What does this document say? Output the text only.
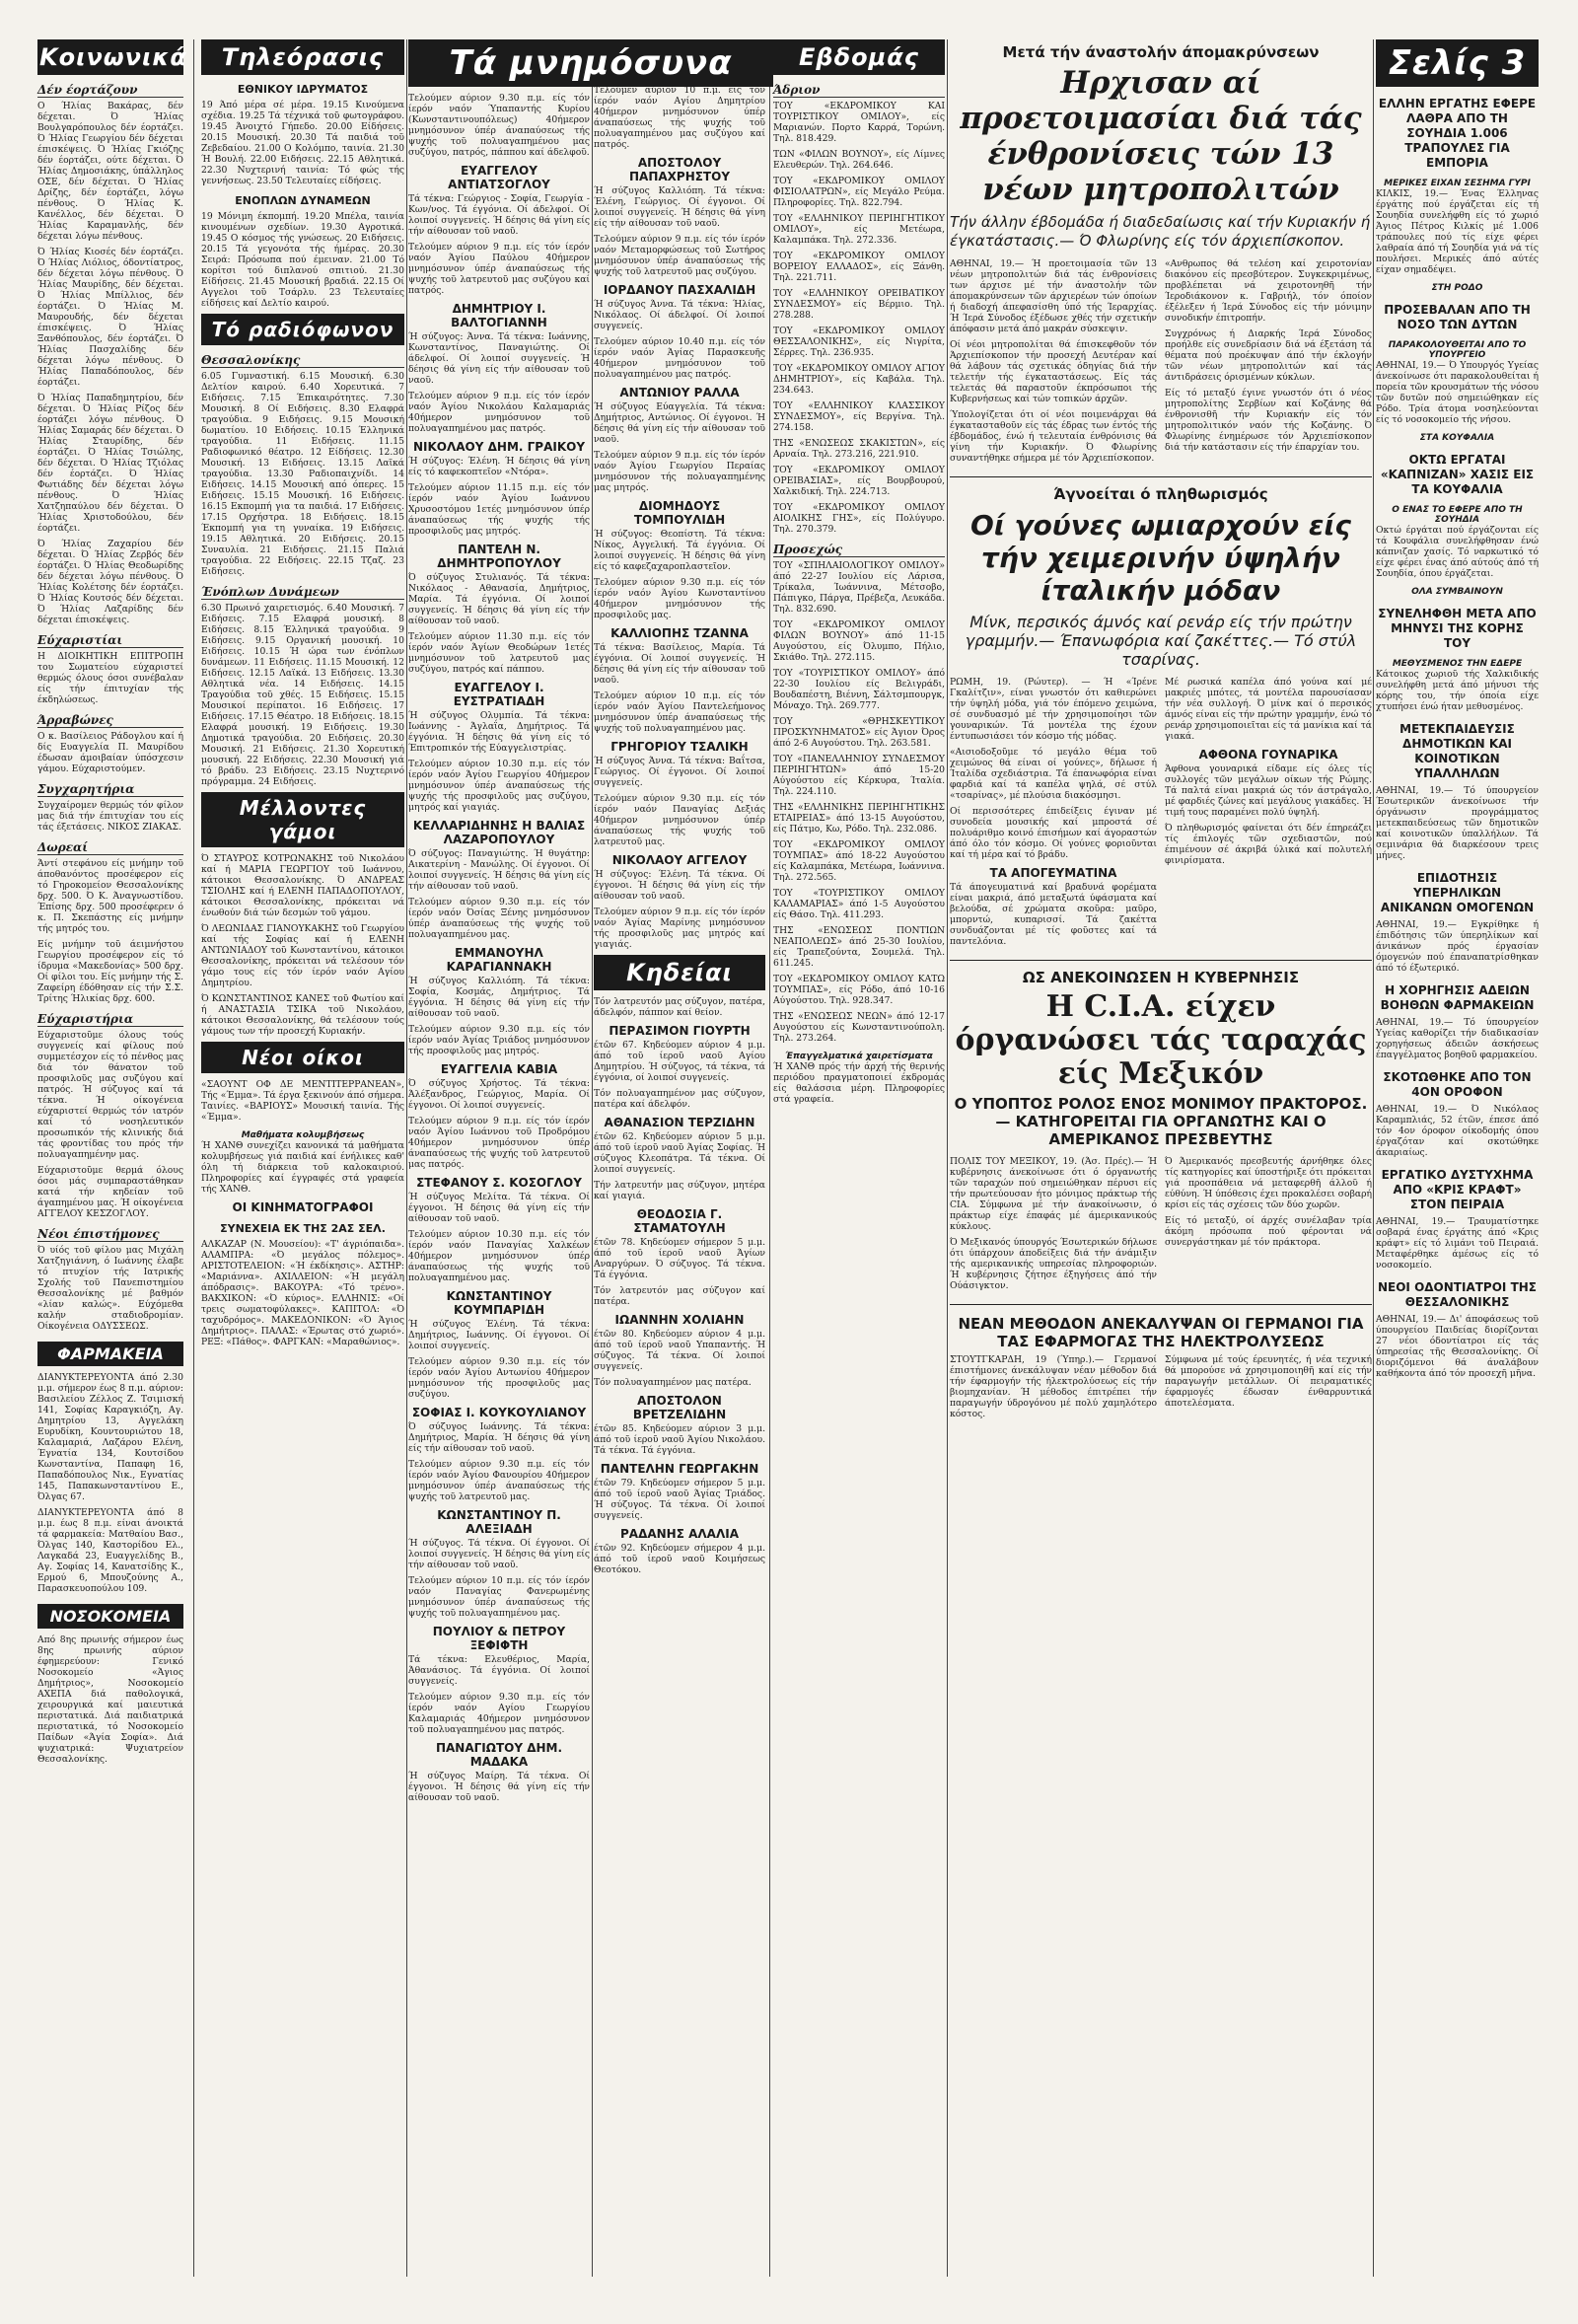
Κοινωνικά
Δέν έορτάζουν

Ο Ήλίας Βακάρας, δέν δέχεται. Ό Ήλίας Βουλγαρόπουλος δέν έορτάζει. Ό Ήλίας Γεωργίου δέν δέχεται έπισκέψεις. Ό Ήλίας Γκιόζης δέν έορτάζει, ούτε δέχεται. Ό Ήλίας Δημοσιάκης, ύπάλληλος ΟΣΕ, δέν δέχεται. Ό Ήλίας Δρίζης, δέν έορτάζει, λόγω πένθους. Ό Ήλίας Κ. Κανέλλος, δέν δέχεται. Ό Ήλίας Καραμανλής, δέν δέχεται λόγω πένθους.

Ό Ήλίας Κιοσές δέν έορτάζει. Ό Ήλίας Λιόλιος, όδοντίατρος, δέν δέχεται λόγω πένθους. Ό Ήλίας Μαυρίδης, δέν δέχεται. Ό Ήλίας Μπίλλιος, δέν έορτάζει. Ό Ήλίας Μ. Μαυρουδής, δέν δέχεται έπισκέψεις. Ό Ήλίας Ξανθόπουλος, δέν έορτάζει. Ό Ήλίας Πασχαλίδης δέν δέχεται λόγω πένθους. Ό Ήλίας Παπαδόπουλος, δέν έορτάζει.

Ό Ήλίας Παπαδημητρίου, δέν δέχεται. Ό Ήλίας Ρίζος δέν έορτάζει λόγω πένθους. Ό Ήλίας Σαμαράς δέν δέχεται. Ό Ήλίας Σταυρίδης, δέν έορτάζει. Ό Ήλίας Τσιώλης, δέν δέχεται. Ό Ήλίας Τζιόλας δέν έορτάζει. Ό Ήλίας Φωτιάδης δέν δέχεται λόγω πένθους. Ό Ήλίας Χατζηπαύλου δέν δέχεται. Ό Ήλίας Χριστοδούλου, δέν έορτάζει.

Ό Ήλίας Ζαχαρίου δέν δέχεται. Ό Ήλίας Ζερβός δέν έορτάζει. Ό Ήλίας Θεοδωρίδης δέν δέχεται λόγω πένθους. Ό Ήλίας Κολέτσης δέν έορτάζει. Ό Ήλίας Κουτσός δέν δέχεται. Ό Ήλίας Λαζαρίδης δέν δέχεται έπισκέψεις.

Εύχαριστίαι

Η ΔΙΟΙΚΗΤΙΚΗ ΕΠΙΤΡΟΠΗ του Σωματείου εύχαριστεί θερμώς όλους όσοι συνέβαλαν είς τήν έπιτυχίαν τής έκδηλώσεως.

Άρραβώνες

Ο κ. Βασίλειος Ράδογλου καί ή δίς Ευαγγελία Π. Μαυρίδου έδωσαν άμοιβαίαν ύπόσχεσιν γάμου. Εύχαριστούμεν.

Συγχαρητήρια

Συγχαίρομεν θερμώς τόν φίλον μας διά τήν έπιτυχίαν του είς τάς έξετάσεις. ΝΙΚΟΣ ΖΙΑΚΑΣ.

Δωρεαί

Άντί στεφάνου είς μνήμην τοῦ άποθανόντος προσέφερον είς τό Γηροκομείον Θεσσαλονίκης δρχ. 500. Ό Κ. Άναγνωστίδου. Έπίσης δρχ. 500 προσέφερεν ό κ. Π. Σκεπάστης είς μνήμην τής μητρός του.

Είς μνήμην τοῦ άειμνήστου Γεωργίου προσέφερον είς τό ίδρυμα «Μακεδονίας» 500 δρχ. Οί φίλοι του. Είς μνήμην τής Σ. Ζαφείρη έδόθησαν είς τήν Σ.Σ. Τρίτης Ήλικίας δρχ. 600.

Εύχαριστήρια

Εύχαριστοῦμε όλους τούς συγγενείς καί φίλους πού συμμετέσχον είς τό πένθος μας διά τόν θάνατον τοῦ προσφιλοῦς μας συζύγου καί πατρός. Ή σύζυγος καί τά τέκνα. Ή οίκογένεια εύχαριστεί θερμώς τόν ιατρόν καί τό νοσηλευτικόν προσωπικόν τής κλινικής διά τάς φροντίδας του πρός τήν πολυαγαπημένην μας.

Εύχαριστοῦμε θερμά όλους όσοι μάς συμπαραστάθηκαν κατά τήν κηδείαν τοῦ άγαπημένου μας. Ή οίκογένεια ΑΓΓΕΛΟΥ ΚΕΣΖΟΓΛΟΥ.

Νέοι έπιστήμονες

Ό υίός τοῦ φίλου μας Μιχάλη Χατζηγιάννη, ό Ιωάννης έλαβε τό πτυχίον τής Ιατρικής Σχολής τοῦ Πανεπιστημίου Θεσσαλονίκης μέ βαθμόν «λίαν καλώς». Εύχόμεθα καλήν σταδιοδρομίαν. Οίκογένεια ΟΔΥΣΣΕΩΣ.

ΦΑΡΜΑΚΕΙΑ

ΔΙΑΝΥΚΤΕΡΕΥΟΝΤΑ άπό 2.30 μ.μ. σήμερον έως 8 π.μ. αύριον: Βασιλείου Ζέλλος Ζ. Τσιμισκή 141, Σοφίας Καραγκιόζη, Αγ. Δημητρίου 13, Αγγελάκη Ευρυδίκη, Κουντουριώτου 18, Καλαμαριά, Λαζάρου Ελένη, Έγνατία 134, Κουτσίδου Κωνσταντίνα, Παπαφη 16, Παπαδόπουλος Νικ., Εγνατίας 145, Παπακωνσταντίνου Ε., Όλγας 67.

ΔΙΑΝΥΚΤΕΡΕΥΟΝΤΑ άπό 8 μ.μ. έως 8 π.μ. είναι άνοικτά τά φαρμακεία: Ματθαίου Βασ., Όλγας 140, Καστορίδου Ελ., Λαγκαδά 23, Ευαγγελίδης Β., Αγ. Σοφίας 14, Κανατσίδης Κ., Ερμού 6, Μπουζούνης Α., Παρασκευοπούλου 109.

ΝΟΣΟΚΟΜΕΙΑ

Από 8ης πρωινής σήμερον έως 8ης πρωινής αύριον έφημερεύουν: Γενικό Νοσοκομείο «Άγιος Δημήτριος», Νοσοκομείο ΑΧΕΠΑ διά παθολογικά, χειρουργικά καί μαιευτικά περιστατικά. Διά παιδιατρικά περιστατικά, τό Νοσοκομείο Παίδων «Άγία Σοφία». Διά ψυχιατρικά: Ψυχιατρείον Θεσσαλονίκης.

Τηλεόρασις
ΕΘΝΙΚΟΥ ΙΔΡΥΜΑΤΟΣ

19 Άπό μέρα σέ μέρα. 19.15 Κινούμενα σχέδια. 19.25 Τά τέχνικά τοῦ φωτογράφου. 19.45 Άνοιχτό Γήπεδο. 20.00 Είδήσεις. 20.15 Μουσική. 20.30 Τά παιδιά τοῦ Ζεβεδαίου. 21.00 Ο Κολόμπο, ταινία. 21.30 Ή Βουλή. 22.00 Ειδήσεις. 22.15 Αθλητικά. 22.30 Νυχτερινή ταινία: Τό φώς τής γεννήσεως. 23.50 Τελευταίες είδήσεις.

ΕΝΟΠΛΩΝ ΔΥΝΑΜΕΩΝ

19 Μόνιμη έκπομπή. 19.20 Μπέλα, ταινία κινουμένων σχεδίων. 19.30 Αγροτικά. 19.45 Ο κόσμος τής γνώσεως. 20 Ειδήσεις. 20.15 Τά γεγονότα τής ήμέρας. 20.30 Σειρά: Πρόσωπα πού έμειναν. 21.00 Τό κορίτσι τού διπλανού σπιτιού. 21.30 Είδήσεις. 21.45 Μουσική βραδιά. 22.15 Οί Αγγελοι τοῦ Τσάρλυ. 23 Τελευταίες είδήσεις καί Δελτίο καιρού.

Τό ραδιόφωνον
Θεσσαλονίκης

6.05 Γυμναστική. 6.15 Μουσική. 6.30 Δελτίον καιρού. 6.40 Χορευτικά. 7 Ειδήσεις. 7.15 Έπικαιρότητες. 7.30 Μουσική. 8 Οί Ειδήσεις. 8.30 Ελαφρά τραγούδια. 9 Ειδήσεις. 9.15 Μουσική δωματίου. 10 Ειδήσεις. 10.15 Έλληνικά τραγούδια. 11 Ειδήσεις. 11.15 Ραδιοφωνικό θέατρο. 12 Είδήσεις. 12.30 Μουσική. 13 Ειδήσεις. 13.15 Λαϊκά τραγούδια. 13.30 Ραδιοπαιχνίδι. 14 Ειδήσεις. 14.15 Μουσική από όπερες. 15 Ειδήσεις. 15.15 Μουσική. 16 Ειδήσεις. 16.15 Εκπομπή για τα παιδιά. 17 Ειδήσεις. 17.15 Ορχήστρα. 18 Ειδήσεις. 18.15 Έκπομπή για τη γυναίκα. 19 Ειδήσεις. 19.15 Αθλητικά. 20 Ειδήσεις. 20.15 Συναυλία. 21 Ειδήσεις. 21.15 Παλιά τραγούδια. 22 Ειδήσεις. 22.15 Τζαζ. 23 Ειδήσεις.

Ένόπλων Δυνάμεων

6.30 Πρωινό χαιρετισμός. 6.40 Μουσική. 7 Ειδήσεις. 7.15 Ελαφρά μουσική. 8 Ειδήσεις. 8.15 Έλληνικά τραγούδια. 9 Ειδήσεις. 9.15 Οργανική μουσική. 10 Ειδήσεις. 10.15 Ή ώρα των ένόπλων δυνάμεων. 11 Ειδήσεις. 11.15 Μουσική. 12 Ειδήσεις. 12.15 Λαϊκά. 13 Ειδήσεις. 13.30 Αθλητικά νέα. 14 Ειδήσεις. 14.15 Τραγούδια τοῦ χθές. 15 Ειδήσεις. 15.15 Μουσικοί περίπατοι. 16 Ειδήσεις. 17 Ειδήσεις. 17.15 Θέατρο. 18 Ειδήσεις. 18.15 Ελαφρά μουσική. 19 Ειδήσεις. 19.30 Δημοτικά τραγούδια. 20 Ειδήσεις. 20.30 Μουσική. 21 Ειδήσεις. 21.30 Χορευτική μουσική. 22 Ειδήσεις. 22.30 Μουσική γιά τό βράδυ. 23 Ειδήσεις. 23.15 Νυχτερινό πρόγραμμα. 24 Ειδήσεις.

Μέλλοντες γάμοι

Ό ΣΤΑΥΡΟΣ ΚΟΤΡΩΝΑΚΗΣ τοῦ Νικολάου καί ή ΜΑΡΙΑ ΓΕΩΡΓΙΟΥ τοῦ Ιωάννου, κάτοικοι Θεσσαλονίκης. Ό ΑΝΔΡΕΑΣ ΤΣΙΟΛΗΣ καί ή ΕΛΕΝΗ ΠΑΠΑΔΟΠΟΥΛΟΥ, κάτοικοι Θεσσαλονίκης, πρόκειται νά ένωθούν διά τών δεσμών τοῦ γάμου.

Ό ΛΕΩΝΙΔΑΣ ΓΙΑΝΟΥΚΑΚΗΣ τοῦ Γεωργίου καί τής Σοφίας καί ή ΕΛΕΝΗ ΑΝΤΩΝΙΑΔΟΥ τοῦ Κωνσταντίνου, κάτοικοι Θεσσαλονίκης, πρόκειται νά τελέσουν τόν γάμο τους είς τόν ίερόν ναόν Αγίου Δημητρίου.

Ό ΚΩΝΣΤΑΝΤΙΝΟΣ ΚΑΝΕΣ τοῦ Φωτίου καί ή ΑΝΑΣΤΑΣΙΑ ΤΣΙΚΑ τοῦ Νικολάου, κάτοικοι Θεσσαλονίκης, θά τελέσουν τούς γάμους των τήν προσεχή Κυριακήν.

Νέοι οίκοι

«ΣΑΟΥΝΤ ΟΦ ΔΕ ΜΕΝΤΙΤΕΡΡΑΝΕΑΝ», Τής «Έμμα». Τά έργα ξεκινούν άπό σήμερα. Ταινίες. «ΒΑΡΙΟΥΣ» Μουσική ταινία. Τής «Έμμα».

Μαθήματα κολυμβήσεως

Ή ΧΑΝΘ συνεχίζει κανονικά τά μαθήματα κολυμβήσεως γιά παιδιά καί ένήλικες καθ' όλη τή διάρκεια τοῦ καλοκαιριού. Πληροφορίες καί έγγραφές στά γραφεία τής ΧΑΝΘ.

ΟΙ ΚΙΝΗΜΑΤΟΓΡΑΦΟΙ
ΣΥΝΕΧΕΙΑ ΕΚ ΤΗΣ 2ΑΣ ΣΕΛ.

ΑΛΚΑΖΑΡ (Ν. Μουσείου): «Τ' άγριόπαιδα». ΑΛΑΜΠΡΑ: «Ό μεγάλος πόλεμος». ΑΡΙΣΤΟΤΕΛΕΙΟΝ: «Ή έκδίκησις». ΑΣΤΗΡ: «Μαριάννα». ΑΧΙΛΛΕΙΟΝ: «Ή μεγάλη άπόδρασις». ΒΑΚΟΥΡΑ: «Τό τρένο». ΒΑΚΧΙΚΟΝ: «Ό κύριος». ΕΛΛΗΝΙΣ: «Οί τρεις σωματοφύλακες». ΚΑΠΙΤΟΛ: «Ό ταχυδρόμος». ΜΑΚΕΔΟΝΙΚΟΝ: «Ό Άγιος Δημήτριος». ΠΑΛΑΣ: «Έρωτας στό χωριό». ΡΕΞ: «Πάθος». ΦΑΡΓΚΑΝ: «Μαραθώνιος».

Τά μνημόσυνα

Τελούμεν αύριον 9.30 π.μ. είς τόν ίερόν ναόν Ύπαπαντής Κυρίου (Κωνσταντινουπόλεως) 40ήμερον μνημόσυνον ύπέρ άναπαύσεως τής ψυχής τοῦ πολυαγαπημένου μας συζύγου, πατρός, πάππου καί άδελφοῦ.

ΕΥΑΓΓΕΛΟΥ ΑΝΤΙΑΤΣΟΓΛΟΥ

Τά τέκνα: Γεώργιος - Σοφία, Γεωργία - Κων/νος. Τά έγγόνια. Οί άδελφοί. Οί λοιποί συγγενείς. Ή δέησις θά γίνη είς τήν αίθουσαν τοῦ ναοῦ.

Τελούμεν αύριον 9 π.μ. είς τόν ίερόν ναόν Άγίου Παύλου 40ήμερον μνημόσυνον ύπέρ άναπαύσεως τής ψυχής τοῦ λατρευτοῦ μας συζύγου καί πατρός.

ΔΗΜΗΤΡΙΟΥ Ι. ΒΑΛΤΟΓΙΑΝΝΗ

Ή σύζυγος: Άννα. Τά τέκνα: Ιωάννης, Κωνσταντίνος, Παναγιώτης. Οί άδελφοί. Οί λοιποί συγγενείς. Ή δέησις θά γίνη είς τήν αίθουσαν τοῦ ναοῦ.

Τελούμεν αύριον 9 π.μ. είς τόν ίερόν ναόν Άγίου Νικολάου Καλαμαριάς 40ήμερον μνημόσυνον τοῦ πολυαγαπημένου μας πατρός.

ΝΙΚΟΛΑΟΥ ΔΗΜ. ΓΡΑΙΚΟΥ

Ή σύζυγος: Έλένη. Ή δέησις θά γίνη είς τό καφεκοπτεῖον «Ντόρα».

Τελούμεν αύριον 11.15 π.μ. είς τόν ίερόν ναόν Άγίου Ιωάννου Χρυσοστόμου 1ετές μνημόσυνον ύπέρ άναπαύσεως τής ψυχής τής προσφιλοῦς μας μητρός.

ΠΑΝΤΕΛΗ Ν. ΔΗΜΗΤΡΟΠΟΥΛΟΥ

Ό σύζυγος Στυλιανός. Τά τέκνα: Νικόλαος - Αθανασία, Δημήτριος, Μαρία. Τά έγγόνια. Οί λοιποί συγγενείς. Ή δέησις θά γίνη είς τήν αίθουσαν τοῦ ναοῦ.

Τελούμεν αύριον 11.30 π.μ. είς τόν ίερόν ναόν Άγίων Θεοδώρων 1ετές μνημόσυνον τοῦ λατρευτοῦ μας συζύγου, πατρός καί πάππου.

ΕΥΑΓΓΕΛΟΥ Ι. ΕΥΣΤΡΑΤΙΑΔΗ

Ή σύζυγος Ολυμπία. Τά τέκνα: Ιωάννης - Άγλαΐα, Δημήτριος. Τά έγγόνια. Ή δέησις θά γίνη είς τό Έπιτροπικόν τής Εύαγγελιστρίας.

Τελούμεν αύριον 10.30 π.μ. είς τόν ίερόν ναόν Άγίου Γεωργίου 40ήμερον μνημόσυνον ύπέρ άναπαύσεως τής ψυχής τής προσφιλοῦς μας συζύγου, μητρός καί γιαγιάς.

ΚΕΛΛΑΡΙΔΗΝΗΣ Η ΒΑΛΙΑΣ ΛΑΖΑΡΟΠΟΥΛΟΥ

Ό σύζυγος: Παναγιώτης. Ή θυγάτηρ: Αικατερίνη - Μανώλης. Οί έγγονοι. Οί λοιποί συγγενείς. Ή δέησις θά γίνη είς τήν αίθουσαν τοῦ ναοῦ.

Τελούμεν αύριον 9.30 π.μ. είς τόν ίερόν ναόν Όσίας Ξένης μνημόσυνον ύπέρ άναπαύσεως τής ψυχής τοῦ πολυαγαπημένου μας.

ΕΜΜΑΝΟΥΗΛ ΚΑΡΑΓΙΑΝΝΑΚΗ

Ή σύζυγος Καλλιόπη. Τά τέκνα: Σοφία, Κοσμάς, Δημήτριος. Τά έγγόνια. Ή δέησις θά γίνη είς τήν αίθουσαν τοῦ ναοῦ.

Τελούμεν αύριον 9.30 π.μ. είς τόν ίερόν ναόν Άγίας Τριάδος μνημόσυνον τής προσφιλοῦς μας μητρός.

ΕΥΑΓΓΕΛΙΑ ΚΑΒΙΑ

Ό σύζυγος Χρήστος. Τά τέκνα: Άλέξανδρος, Γεώργιος, Μαρία. Οί έγγονοι. Οί λοιποί συγγενείς.

Τελούμεν αύριον 9 π.μ. είς τόν ίερόν ναόν Άγίου Ιωάννου τοῦ Προδρόμου 40ήμερον μνημόσυνον ύπέρ άναπαύσεως τής ψυχής τοῦ λατρευτοῦ μας πατρός.

ΣΤΕΦΑΝΟΥ Σ. ΚΟΣΟΓΛΟΥ

Ή σύζυγος Μελίτα. Τά τέκνα. Οί έγγονοι. Ή δέησις θά γίνη είς τήν αίθουσαν τοῦ ναοῦ.

Τελούμεν αύριον 10.30 π.μ. είς τόν ίερόν ναόν Παναγίας Χαλκέων 40ήμερον μνημόσυνον ύπέρ άναπαύσεως τής ψυχής τοῦ πολυαγαπημένου μας.

ΚΩΝΣΤΑΝΤΙΝΟΥ ΚΟΥΜΠΑΡΙΔΗ

Ή σύζυγος Έλένη. Τά τέκνα: Δημήτριος, Ιωάννης. Οί έγγονοι. Οί λοιποί συγγενείς.

Τελούμεν αύριον 9.30 π.μ. είς τόν ίερόν ναόν Άγίου Αντωνίου 40ήμερον μνημόσυνον τής προσφιλοῦς μας συζύγου.

ΣΟΦΙΑΣ Ι. ΚΟΥΚΟΥΛΙΑΝΟΥ

Ό σύζυγος Ιωάννης. Τά τέκνα: Δημήτριος, Μαρία. Ή δέησις θά γίνη είς τήν αίθουσαν τοῦ ναοῦ.

Τελούμεν αύριον 9.30 π.μ. είς τόν ίερόν ναόν Άγίου Φανουρίου 40ήμερον μνημόσυνον ύπέρ άναπαύσεως τής ψυχής τοῦ λατρευτοῦ μας.

ΚΩΝΣΤΑΝΤΙΝΟΥ Π. ΑΛΕΞΙΑΔΗ

Ή σύζυγος. Τά τέκνα. Οί έγγονοι. Οί λοιποί συγγενείς. Ή δέησις θά γίνη είς τήν αίθουσαν τοῦ ναοῦ.

Τελούμεν αύριον 10 π.μ. είς τόν ίερόν ναόν Παναγίας Φανερωμένης μνημόσυνον ύπέρ άναπαύσεως τής ψυχής τοῦ πολυαγαπημένου μας.

ΠΟΥΛΙΟΥ & ΠΕΤΡΟΥ ΞΕΦΙΦΤΗ

Τά τέκνα: Ελευθέριος, Μαρία, Άθανάσιος. Τά έγγόνια. Οί λοιποί συγγενείς.

Τελούμεν αύριον 9.30 π.μ. είς τόν ίερόν ναόν Αγίου Γεωργίου Καλαμαριάς 40ήμερον μνημόσυνον τοῦ πολυαγαπημένου μας πατρός.

ΠΑΝΑΓΙΩΤΟΥ ΔΗΜ. ΜΑΔΑΚΑ

Ή σύζυγος Μαίρη. Τά τέκνα. Οί έγγονοι. Ή δέησις θά γίνη είς τήν αίθουσαν τοῦ ναοῦ.

Τελούμεν αύριον 10 π.μ. είς τόν ίερόν ναόν Αγίου Δημητρίου 40ήμερον μνημόσυνον ύπέρ άναπαύσεως τής ψυχής τοῦ πολυαγαπημένου μας συζύγου καί πατρός.

ΑΠΟΣΤΟΛΟΥ ΠΑΠΑΧΡΗΣΤΟΥ

Ή σύζυγος Καλλιόπη. Τά τέκνα: Έλένη, Γεώργιος. Οί έγγονοι. Οί λοιποί συγγενείς. Ή δέησις θά γίνη είς τήν αίθουσαν τοῦ ναοῦ.

Τελούμεν αύριον 9 π.μ. είς τόν ίερόν ναόν Μεταμορφώσεως τοῦ Σωτήρος μνημόσυνον ύπέρ άναπαύσεως τής ψυχής τοῦ λατρευτοῦ μας συζύγου.

ΙΟΡΔΑΝΟΥ ΠΑΣΧΑΛΙΔΗ

Ή σύζυγος Άννα. Τά τέκνα: Ήλίας, Νικόλαος. Οί άδελφοί. Οί λοιποί συγγενείς.

Τελούμεν αύριον 10.40 π.μ. είς τόν ίερόν ναόν Άγίας Παρασκευῆς 40ήμερον μνημόσυνον τοῦ πολυαγαπημένου μας πατρός.

ΑΝΤΩΝΙΟΥ ΡΑΛΛΑ

Ή σύζυγος Εύαγγελία. Τά τέκνα: Δημήτριος, Αντώνιος. Οί έγγονοι. Ή δέησις θά γίνη είς τήν αίθουσαν τοῦ ναοῦ.

Τελούμεν αύριον 9 π.μ. είς τόν ίερόν ναόν Άγίου Γεωργίου Περαίας μνημόσυνον τής πολυαγαπημένης μας μητρός.

ΔΙΟΜΗΔΟΥΣ ΤΟΜΠΟΥΛΙΔΗ

Ή σύζυγος: Θεοπίστη. Τά τέκνα: Νίκος, Αγγελική. Τά έγγόνια. Οί λοιποί συγγενείς. Ή δέησις θά γίνη είς τό καφεζαχαροπλαστεῖον.

Τελούμεν αύριον 9.30 π.μ. είς τόν ίερόν ναόν Άγίου Κωνσταντίνου 40ήμερον μνημόσυνον τής προσφιλοῦς μας.

ΚΑΛΛΙΟΠΗΣ ΤΖΑΝΝΑ

Τά τέκνα: Βασίλειος, Μαρία. Τά έγγόνια. Οί λοιποί συγγενείς. Ή δέησις θά γίνη είς τήν αίθουσαν τοῦ ναοῦ.

Τελούμεν αύριον 10 π.μ. είς τόν ίερόν ναόν Άγίου Παντελεήμονος μνημόσυνον ύπέρ άναπαύσεως τής ψυχής τοῦ πολυαγαπημένου μας.

ΓΡΗΓΟΡΙΟΥ ΤΣΑΛΙΚΗ

Ή σύζυγος Άννα. Τά τέκνα: Βαΐτσα, Γεώργιος. Οί έγγονοι. Οί λοιποί συγγενείς.

Τελούμεν αύριον 9.30 π.μ. είς τόν ίερόν ναόν Παναγίας Δεξιάς 40ήμερον μνημόσυνον ύπέρ άναπαύσεως τής ψυχής τοῦ λατρευτοῦ μας.

ΝΙΚΟΛΑΟΥ ΑΓΓΕΛΟΥ

Ή σύζυγος: Έλένη. Τά τέκνα. Οί έγγονοι. Ή δέησις θά γίνη είς τήν αίθουσαν τοῦ ναοῦ.

Τελούμεν αύριον 9 π.μ. είς τόν ίερόν ναόν Άγίας Μαρίνης μνημόσυνον τής προσφιλοῦς μας μητρός καί γιαγιάς.

Κηδείαι

Τόν λατρευτόν μας σύζυγον, πατέρα, άδελφόν, πάππον καί θείον.

ΠΕΡΑΣΙΜΟΝ ΓΙΟΥΡΤΗ

έτῶν 67. Κηδεύομεν αύριον 4 μ.μ. άπό τοῦ ίεροῦ ναοῦ Αγίου Δημητρίου. Ή σύζυγος, τά τέκνα, τά έγγόνια, οί λοιποί συγγενείς.

Τόν πολυαγαπημένον μας σύζυγον, πατέρα καί άδελφόν.

ΑΘΑΝΑΣΙΟΝ ΤΕΡΖΙΔΗΝ

έτῶν 62. Κηδεύομεν αύριον 5 μ.μ. άπό τοῦ ίεροῦ ναοῦ Άγίας Σοφίας. Ή σύζυγος Κλεοπάτρα. Τά τέκνα. Οί λοιποί συγγενείς.

Τήν λατρευτήν μας σύζυγον, μητέρα καί γιαγιά.

ΘΕΟΔΟΣΙΑ Γ. ΣΤΑΜΑΤΟΥΛΗ

έτῶν 78. Κηδεύομεν σήμερον 5 μ.μ. άπό τοῦ ίεροῦ ναοῦ Άγίων Αναργύρων. Ό σύζυγος. Τά τέκνα. Τά έγγόνια.

Τόν λατρευτόν μας σύζυγον καί πατέρα.

ΙΩΑΝΝΗΝ ΧΟΛΙΑΗΝ

έτῶν 80. Κηδεύομεν αύριον 4 μ.μ. άπό τοῦ ίεροῦ ναοῦ Υπαπαντής. Ή σύζυγος. Τά τέκνα. Οί λοιποί συγγενείς.

Τόν πολυαγαπημένον μας πατέρα.

ΑΠΟΣΤΟΛΟΝ ΒΡΕΤΖΕΛΙΔΗΝ

έτῶν 85. Κηδεύομεν αύριον 3 μ.μ. άπό τοῦ ίεροῦ ναοῦ Άγίου Νικολάου. Τά τέκνα. Τά έγγόνια.

ΠΑΝΤΕΛΗΝ ΓΕΩΡΓΑΚΗΝ

έτῶν 79. Κηδεύομεν σήμερον 5 μ.μ. άπό τοῦ ίεροῦ ναοῦ Άγίας Τριάδος. Ή σύζυγος. Τά τέκνα. Οί λοιποί συγγενείς.

ΡΑΔΑΝΗΣ ΑΛΑΛΙΑ

έτῶν 92. Κηδεύομεν σήμερον 4 μ.μ. άπό τοῦ ίεροῦ ναοῦ Κοιμήσεως Θεοτόκου.

Εβδομάς
Άδριον

ΤΟΥ «ΕΚΔΡΟΜΙΚΟΥ ΚΑΙ ΤΟΥΡΙΣΤΙΚΟΥ ΟΜΙΛΟΥ», είς Μαριανών. Πορτο Καρρά, Τορώνη. Τηλ. 818.429.

ΤΩΝ «ΦΙΛΩΝ ΒΟΥΝΟΥ», είς Λίμνες Ελευθερών. Τηλ. 264.646.

ΤΟΥ «ΕΚΔΡΟΜΙΚΟΥ ΟΜΙΛΟΥ ΦΙΣΙΟΛΑΤΡΩΝ», είς Μεγάλο Ρεύμα. Πληροφορίες. Τηλ. 822.794.

ΤΟΥ «ΕΛΛΗΝΙΚΟΥ ΠΕΡΙΗΓΗΤΙΚΟΥ ΟΜΙΛΟΥ», είς Μετέωρα, Καλαμπάκα. Τηλ. 272.336.

ΤΟΥ «ΕΚΔΡΟΜΙΚΟΥ ΟΜΙΛΟΥ ΒΟΡΕΙΟΥ ΕΛΛΑΔΟΣ», είς Ξάνθη. Τηλ. 221.711.

ΤΟΥ «ΕΛΛΗΝΙΚΟΥ ΟΡΕΙΒΑΤΙΚΟΥ ΣΥΝΔΕΣΜΟΥ» είς Βέρμιο. Τηλ. 278.288.

ΤΟΥ «ΕΚΔΡΟΜΙΚΟΥ ΟΜΙΛΟΥ ΘΕΣΣΑΛΟΝΙΚΗΣ», είς Νιγρίτα, Σέρρες. Τηλ. 236.935.

ΤΟΥ «ΕΚΔΡΟΜΙΚΟΥ ΟΜΙΛΟΥ ΑΓΙΟΥ ΔΗΜΗΤΡΙΟΥ», είς Καβάλα. Τηλ. 234.643.

ΤΟΥ «ΕΛΛΗΝΙΚΟΥ ΚΛΑΣΣΙΚΟΥ ΣΥΝΔΕΣΜΟΥ», είς Βεργίνα. Τηλ. 274.158.

ΤΗΣ «ΕΝΩΣΕΩΣ ΣΚΑΚΙΣΤΩΝ», είς Αρναία. Τηλ. 273.216, 221.910.

ΤΟΥ «ΕΚΔΡΟΜΙΚΟΥ ΟΜΙΛΟΥ ΟΡΕΙΒΑΣΙΑΣ», είς Βουρβουρού, Χαλκιδική. Τηλ. 224.713.

ΤΟΥ «ΕΚΔΡΟΜΙΚΟΥ ΟΜΙΛΟΥ ΑΙΟΛΙΚΗΣ ΓΗΣ», είς Πολύγυρο. Τηλ. 270.379.

Προσεχώς

ΤΟΥ «ΣΠΗΛΑΙΟΛΟΓΙΚΟΥ ΟΜΙΛΟΥ» άπό 22-27 Ιουλίου είς Λάρισα, Τρίκαλα, Ίωάννινα, Μέτσοβο, Πάπιγκο, Πάργα, Πρέβεζα, Λευκάδα. Τηλ. 832.690.

ΤΟΥ «ΕΚΔΡΟΜΙΚΟΥ ΟΜΙΛΟΥ ΦΙΛΩΝ ΒΟΥΝΟΥ» άπό 11-15 Αυγούστου, είς Όλυμπο, Πήλιο, Σκιάθο. Τηλ. 272.115.

ΤΟΥ «ΤΟΥΡΙΣΤΙΚΟΥ ΟΜΙΛΟΥ» άπό 22-30 Ιουλίου είς Βελιγράδι, Βουδαπέστη, Βιέννη, Σάλτσμπουργκ, Μόναχο. Τηλ. 269.777.

ΤΟΥ «ΘΡΗΣΚΕΥΤΙΚΟΥ ΠΡΟΣΚΥΝΗΜΑΤΟΣ» είς Άγιον Όρος άπό 2-6 Αυγούστου. Τηλ. 263.581.

ΤΟΥ «ΠΑΝΕΛΛΗΝΙΟΥ ΣΥΝΔΕΣΜΟΥ ΠΕΡΙΗΓΗΤΩΝ» άπό 15-20 Αύγούστου είς Κέρκυρα, Ίταλία. Τηλ. 224.110.

ΤΗΣ «ΕΛΛΗΝΙΚΗΣ ΠΕΡΙΗΓΗΤΙΚΗΣ ΕΤΑΙΡΕΙΑΣ» άπό 13-15 Αυγούστου, είς Πάτμο, Κω, Ρόδο. Τηλ. 232.086.

ΤΟΥ «ΕΚΔΡΟΜΙΚΟΥ ΟΜΙΛΟΥ ΤΟΥΜΠΑΣ» άπό 18-22 Αυγούστου είς Καλαμπάκα, Μετέωρα, Ιωάννινα. Τηλ. 272.565.

ΤΟΥ «ΤΟΥΡΙΣΤΙΚΟΥ ΟΜΙΛΟΥ ΚΑΛΑΜΑΡΙΑΣ» άπό 1-5 Αυγούστου είς Θάσο. Τηλ. 411.293.

ΤΗΣ «ΕΝΩΣΕΩΣ ΠΟΝΤΙΩΝ ΝΕΑΠΟΛΕΩΣ» άπό 25-30 Ιουλίου, είς Τραπεζούντα, Σουμελά. Τηλ. 611.245.

ΤΟΥ «ΕΚΔΡΟΜΙΚΟΥ ΟΜΙΛΟΥ ΚΑΤΩ ΤΟΥΜΠΑΣ», είς Ρόδο, άπό 10-16 Αύγούστου. Τηλ. 928.347.

ΤΗΣ «ΕΝΩΣΕΩΣ ΝΕΩΝ» άπό 12-17 Αυγούστου είς Κωνσταντινούπολη. Τηλ. 273.264.

Έπαγγελματικά χαιρετίσματα

Ή ΧΑΝΘ πρός τήν άρχή τής θερινής περιόδου πραγματοποιεί έκδρομάς είς θαλάσσια μέρη. Πληροφορίες στά γραφεία.

Μετά τήν άναστολήν άπομακρύνσεων
Ηρχισαν αί προετοιμασίαι διά τάς ένθρονίσεις τών 13 νέων μητροπολιτών
Τήν άλλην έβδομάδα ή διαδεδαίωσις καί τήν Κυριακήν ή έγκατάστασις.— Ό Φλωρίνης είς τόν άρχιεπίσκοπον.

ΑΘΗΝΑΙ, 19.— Ή προετοιμασία τῶν 13 νέων μητροπολιτών διά τάς ένθρονίσεις των άρχισε μέ τήν άναστολήν τῶν άπομακρύνσεων τῶν άρχιερέων τών όποίων ή διαδοχή άπεφασίσθη ύπό τής Ίεραρχίας. Ή Ίερά Σύνοδος έξέδωσε χθές τήν σχετικήν άπόφασιν μετά άπό μακράν σύσκεψιν.

Οί νέοι μητροπολίται θά έπισκεφθοῦν τόν Άρχιεπίσκοπον τήν προσεχή Δευτέραν καί θά λάβουν τάς σχετικάς όδηγίας διά τήν τελετήν τής έγκαταστάσεως. Είς τάς τελετάς θά παραστοῦν έκπρόσωποι τής Κυβερνήσεως καί τών τοπικών άρχῶν.

Ύπολογίζεται ότι οί νέοι ποιμενάρχαι θά έγκατασταθοῦν είς τάς έδρας των έντός τής έβδομάδος, ένώ ή τελευταία ένθρόνισις θά γίνη τήν Κυριακήν. Ό Φλωρίνης συναντήθηκε σήμερα μέ τόν Άρχιεπίσκοπον.

«Ανθρωπος θά τελέση καί χειροτονίαν διακόνου είς πρεσβύτερον. Συγκεκριμένως, προβλέπεται νά χειροτονηθῆ τήν Ίεροδιάκονον κ. Γαβριήλ, τόν όποίον έξέλεξεν ή Ίερά Σύνοδος είς τήν μόνιμην συνοδικήν έπιτροπήν.

Συγχρόνως ή Διαρκής Ίερά Σύνοδος προήλθε είς συνεδρίασιν διά νά έξετάση τά θέματα πού προέκυψαν άπό τήν έκλογήν τῶν νέων μητροπολιτών καί τάς άντιδράσεις όρισμένων κύκλων.

Είς τό μεταξύ έγινε γνωστόν ότι ό νέος μητροπολίτης Σερβίων καί Κοζάνης θά ένθρονισθῆ τήν Κυριακήν είς τόν μητροπολιτικόν ναόν τής Κοζάνης. Ό Φλωρίνης ένημέρωσε τόν Άρχιεπίσκοπον διά τήν κατάστασιν είς τήν έπαρχίαν του.

Άγνοείται ό πληθωρισμός
Οί γούνες ωμιαρχούν είς τήν χειμερινήν ύψηλήν ίταλικήν μόδαν
Μίνκ, περσικός άμνός καί ρενάρ είς τήν πρώτην γραμμήν.— Έπανωφόρια καί ζακέττες.— Τό στύλ τσαρίνας.

ΡΩΜΗ, 19. (Ρώυτερ). — Ή «Ίρένε Γκαλίτζιν», είναι γνωστόν ότι καθιερώνει τήν ύψηλή μόδα, γιά τόν έπόμενο χειμώνα, σέ συνδυασμό μέ τήν χρησιμοποίησι τῶν γουναρικών. Τά μοντέλα της έχουν έντυπωσιάσει τόν κόσμο τής μόδας.

«Αισιοδοξοῦμε τό μεγάλο θέμα τοῦ χειμώνος θά είναι οί γούνες», δήλωσε ή Ίταλίδα σχεδιάστρια. Τά έπανωφόρια είναι φαρδιά καί τά καπέλα ψηλά, σέ στύλ «τσαρίνας», μέ πλούσια διακόσμησι.

Οί περισσότερες έπιδείξεις έγιναν μέ συνοδεία μουσικής καί μπροστά σέ πολυάριθμο κοινό έπισήμων καί άγοραστών άπό όλο τόν κόσμο. Οί γούνες φοριοῦνται καί τή μέρα καί τό βράδυ.

ΤΑ ΑΠΟΓΕΥΜΑΤΙΝΑ

Τά άπογευματινά καί βραδυνά φορέματα είναι μακριά, άπό μεταξωτά ύφάσματα καί βελούδα, σέ χρώματα σκοῦρα: μαῦρο, μπορντώ, κυπαρισσί. Τά ζακέττα συνδυάζονται μέ τίς φοῦστες καί τά παντελόνια.

Μέ ρωσικά καπέλα άπό γούνα καί μέ μακριές μπότες, τά μοντέλα παρουσίασαν τήν νέα συλλογή. Ό μίνκ καί ό περσικός άμνός είναι είς τήν πρώτην γραμμήν, ένώ τό ρενάρ χρησιμοποιεῖται είς τά μανίκια καί τά γιακά.

ΑΦΘΟΝΑ ΓΟΥΝΑΡΙΚΑ

Άφθονα γουναρικά είδαμε είς όλες τίς συλλογές τῶν μεγάλων οίκων τής Ρώμης. Τά παλτά είναι μακριά ώς τόν άστράγαλο, μέ φαρδιές ζώνες καί μεγάλους γιακάδες. Ή τιμή τους παραμένει πολύ ύψηλή.

Ό πληθωρισμός φαίνεται ότι δέν έπηρεάζει τίς έπιλογές τῶν σχεδιαστῶν, πού έπιμένουν σέ άκριβά ύλικά καί πολυτελή φινιρίσματα.

ΩΣ ΑΝΕΚΟΙΝΩΣΕΝ Η ΚΥΒΕΡΝΗΣΙΣ
Η C.I.A. είχεν όργανώσει τάς ταραχάς είς Μεξικόν
Ο ΥΠΟΠΤΟΣ ΡΟΛΟΣ ΕΝΟΣ ΜΟΝΙΜΟΥ ΠΡΑΚΤΟΡΟΣ.— ΚΑΤΗΓΟΡΕΙΤΑΙ ΓΙΑ ΟΡΓΑΝΩΤΗΣ ΚΑΙ Ο ΑΜΕΡΙΚΑΝΟΣ ΠΡΕΣΒΕΥΤΗΣ

ΠΟΛΙΣ ΤΟΥ ΜΕΞΙΚΟΥ, 19. (Άσ. Πρές).— Ή κυβέρνησις άνεκοίνωσε ότι ό όργανωτής τῶν ταραχών πού σημειώθηκαν πέρυσι είς τήν πρωτεύουσαν ήτο μόνιμος πράκτωρ τής CIA. Σύμφωνα μέ τήν άνακοίνωσιν, ό πράκτωρ είχε έπαφάς μέ άμερικανικούς κύκλους.

Ό Μεξικανός ύπουργός Έσωτερικών δήλωσε ότι ύπάρχουν άποδείξεις διά τήν άνάμιξιν τής αμερικανικής υπηρεσίας πληροφοριών. Ή κυβέρνησις ζήτησε έξηγήσεις άπό τήν Ούάσιγκτον.

Ό Άμερικανός πρεσβευτής άρνήθηκε όλες τίς κατηγορίες καί ύποστήριξε ότι πρόκειται γιά προσπάθεια νά μεταφερθῆ άλλοῦ ή εύθύνη. Ή ύπόθεσις έχει προκαλέσει σοβαρή κρίσι είς τάς σχέσεις τῶν δύο χωρῶν.

Είς τό μεταξύ, οί άρχές συνέλαβαν τρία άκόμη πρόσωπα πού φέρονται νά συνεργάστηκαν μέ τόν πράκτορα.

ΝΕΑΝ ΜΕΘΟΔΟΝ ΑΝΕΚΑΛΥΨΑΝ ΟΙ ΓΕΡΜΑΝΟΙ ΓΙΑ ΤΑΣ ΕΦΑΡΜΟΓΑΣ ΤΗΣ ΗΛΕΚΤΡΟΛΥΣΕΩΣ

ΣΤΟΥΤΓΚΑΡΔΗ, 19 (Ύπηρ.).— Γερμανοί έπιστήμονες άνεκάλυψαν νέαν μέθοδον διά τήν έφαρμογήν τής ήλεκτρολύσεως είς τήν βιομηχανίαν. Ή μέθοδος έπιτρέπει τήν παραγωγήν ύδρογόνου μέ πολύ χαμηλότερο κόστος.

Σύμφωνα μέ τούς έρευνητές, ή νέα τεχνική θά μπορούσε νά χρησιμοποιηθῆ καί είς τήν παραγωγήν μετάλλων. Οί πειραματικές έφαρμογές έδωσαν ένθαρρυντικά άποτελέσματα.

Σελίς 3
ΕΛΛΗΝ ΕΡΓΑΤΗΣ ΕΦΕΡΕ ΛΑΘΡΑ ΑΠΟ ΤΗ ΣΟΥΗΔΙΑ 1.006 ΤΡΑΠΟΥΛΕΣ ΓΙΑ ΕΜΠΟΡΙΑ
ΜΕΡΙΚΕΣ ΕΙΧΑΝ ΣΕΣΗΜΑ ΓΥΡΙ

ΚΙΛΚΙΣ, 19.— Ένας Έλληνας έργάτης πού έργάζεται είς τή Σουηδία συνελήφθη είς τό χωριό Άγιος Πέτρος Κιλκίς μέ 1.006 τράπουλες πού τίς είχε φέρει λαθραία άπό τή Σουηδία γιά νά τίς πουλήσει. Μερικές άπό αύτές είχαν σημαδέψει.

ΣΤΗ ΡΟΔΟ
ΠΡΟΣΕΒΑΛΑΝ ΑΠΟ ΤΗ ΝΟΣΟ ΤΩΝ ΔΥΤΩΝ
ΠΑΡΑΚΟΛΟΥΘΕΙΤΑΙ ΑΠΟ ΤΟ ΥΠΟΥΡΓΕΙΟ

ΑΘΗΝΑΙ, 19.— Ό Υπουργός Υγείας άνεκοίνωσε ότι παρακολουθείται ή πορεία τῶν κρουσμάτων τής νόσου τῶν δυτῶν πού σημειώθηκαν είς Ρόδο. Τρία άτομα νοσηλεύονται είς τό νοσοκομείο τής νήσου.

ΣΤΑ ΚΟΥΦΑΛΙΑ
ΟΚΤΩ ΕΡΓΑΤΑΙ «ΚΑΠΝΙΖΑΝ» ΧΑΣΙΣ ΕΙΣ ΤΑ ΚΟΥΦΑΛΙΑ
Ο ΕΝΑΣ ΤΟ ΕΦΕΡΕ ΑΠΟ ΤΗ ΣΟΥΗΔΙΑ

Οκτώ έργάται πού έργάζονται είς τά Κουφάλια συνελήφθησαν ένώ κάπνιζαν χασίς. Τό ναρκωτικό τό είχε φέρει ένας άπό αύτούς άπό τή Σουηδία, όπου έργάζεται.

ΟΛΑ ΣΥΜΒΑΙΝΟΥΝ
ΣΥΝΕΛΗΦΘΗ ΜΕΤΑ ΑΠΟ ΜΗΝΥΣΙ ΤΗΣ ΚΟΡΗΣ ΤΟΥ
ΜΕΘΥΣΜΕΝΟΣ ΤΗΝ ΕΔΕΡΕ

Κάτοικος χωριοῦ τής Χαλκιδικής συνελήφθη μετά άπό μήνυσι τής κόρης του, τήν όποία είχε χτυπήσει ένώ ήταν μεθυσμένος.

ΜΕΤΕΚΠΑΙΔΕΥΣΙΣ ΔΗΜΟΤΙΚΩΝ ΚΑΙ ΚΟΙΝΟΤΙΚΩΝ ΥΠΑΛΛΗΛΩΝ

ΑΘΗΝΑΙ, 19.— Τό ύπουργείον Έσωτερικῶν άνεκοίνωσε τήν όργάνωσιν προγράμματος μετεκπαιδεύσεως τῶν δημοτικῶν καί κοινοτικῶν ύπαλλήλων. Τά σεμινάρια θά διαρκέσουν τρεις μήνες.

ΕΠΙΔΟΤΗΣΙΣ ΥΠΕΡΗΛΙΚΩΝ ΑΝΙΚΑΝΩΝ ΟΜΟΓΕΝΩΝ

ΑΘΗΝΑΙ, 19.— Εγκρίθηκε ή έπιδότησις τῶν ύπερηλίκων καί άνικάνων πρός έργασίαν όμογενών πού έπαναπατρίσθηκαν άπό τό έξωτερικό.

Η ΧΟΡΗΓΗΣΙΣ ΑΔΕΙΩΝ ΒΟΗΘΩΝ ΦΑΡΜΑΚΕΙΩΝ

ΑΘΗΝΑΙ, 19.— Τό ύπουργείον Υγείας καθορίζει τήν διαδικασίαν χορηγήσεως άδειῶν άσκήσεως έπαγγέλματος βοηθοῦ φαρμακείου.

ΣΚΟΤΩΘΗΚΕ ΑΠΟ ΤΟΝ 4ΟΝ ΟΡΟΦΟΝ

ΑΘΗΝΑΙ, 19.— Ό Νικόλαος Καραμπλιάς, 52 έτῶν, έπεσε άπό τόν 4ον όροφον οίκοδομής όπου έργαζόταν καί σκοτώθηκε άκαριαίως.

ΕΡΓΑΤΙΚΟ ΔΥΣΤΥΧΗΜΑ ΑΠΟ «ΚΡΙΣ ΚΡΑΦΤ» ΣΤΟΝ ΠΕΙΡΑΙΑ

ΑΘΗΝΑΙ, 19.— Τραυματίστηκε σοβαρά ένας έργάτης άπό «Κρις κράφτ» είς τό λιμάνι τοῦ Πειραιά. Μεταφέρθηκε άμέσως είς τό νοσοκομείο.

ΝΕΟΙ ΟΔΟΝΤΙΑΤΡΟΙ ΤΗΣ ΘΕΣΣΑΛΟΝΙΚΗΣ

ΑΘΗΝΑΙ, 19.— Δι' άποφάσεως τοῦ ύπουργείου Παιδείας διορίζονται 27 νέοι όδοντίατροι είς τάς ύπηρεσίας τῆς Θεσσαλονίκης. Οί διοριζόμενοι θά άναλάβουν καθήκοντα άπό τόν προσεχῆ μῆνα.
